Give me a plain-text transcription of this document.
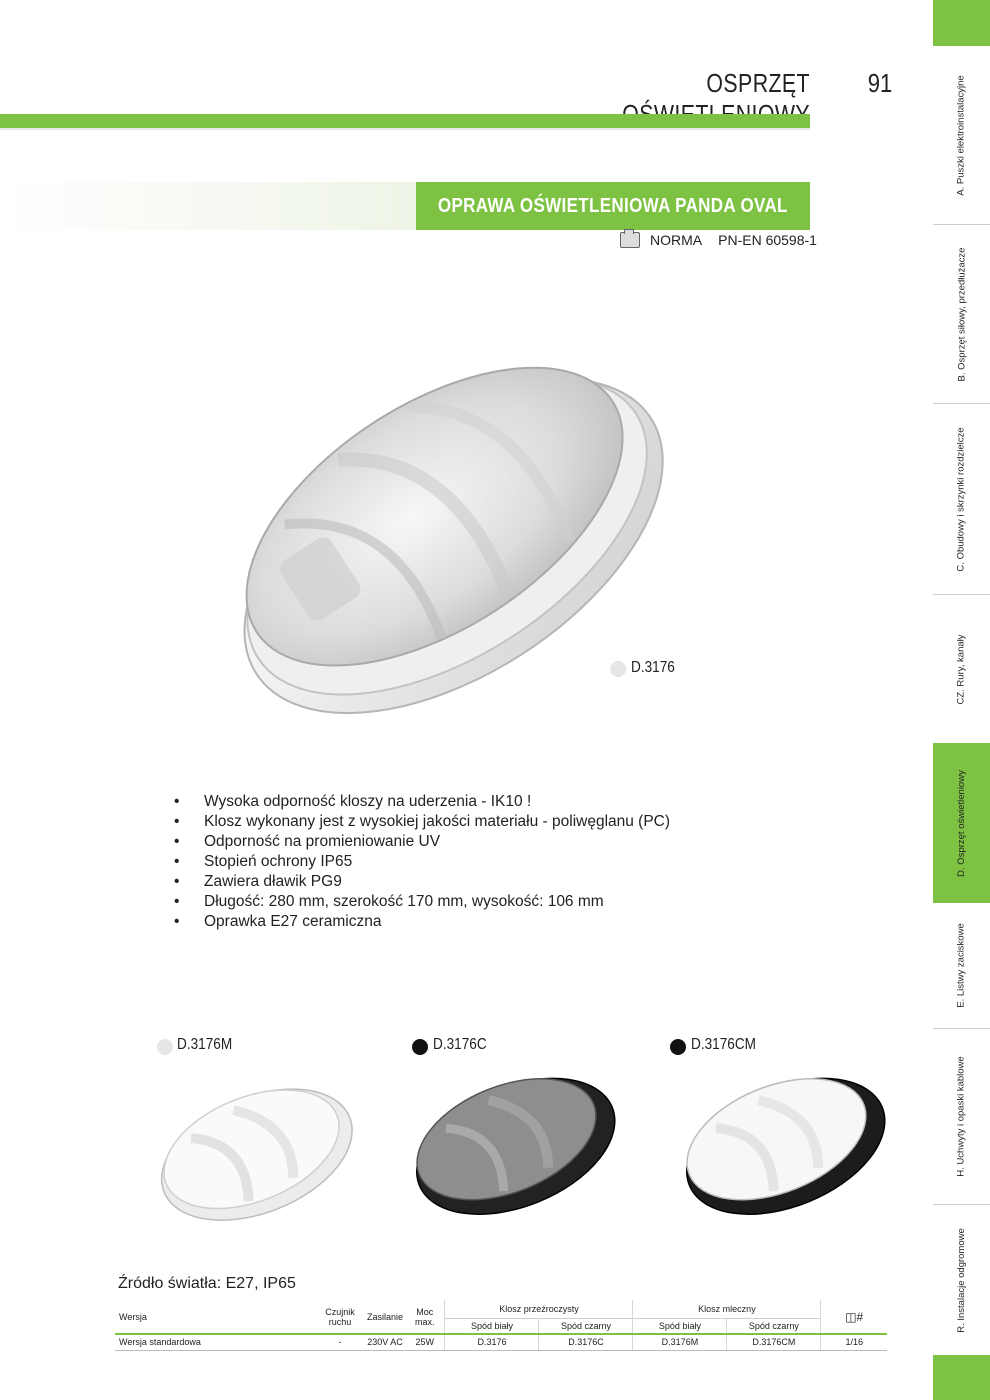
OSPRZĘT 91
OPRAWA OŚWIETLENIOWA PANDA OVAL
NORMA PN-EN 60598-1
D.3176
• Wysoka odporność kloszy na uderzenia - IK10 !
• Klosz wykonany jest z wysokiej jakości materiału - poliwęglanu (PC)
• Odporność na promieniowanie UV
• Stopień ochrony IP65
• Zawiera dławik PG9
• Długość: 280 mm, szerokość 170 mm, wysokość: 106 mm
• Oprawka E27 ceramiczna
D.3176M	D.3176C	D.3176CM
Źródło światła: E27, IP65
Wersja	Czujnik ruchu	Zasilanie	Moc max.	Klosz przeźroczysty		Klosz mleczny		◫#
				Spód biały	Spód czarny	Spód biały	Spód czarny	
Wersja standardowa	-	230V AC	25W	D.3176	D.3176C	D.3176M	D.3176CM	1/16
A. Puszki elektroinstalacyjne
B. Osprzęt siłowy, przedłużacze
C. Obudowy i skrzynki rozdzielcze
CZ. Rury, kanały
D. Osprzęt oświetleniowy
E. Listwy zaciskowe
H. Uchwyty i opaski kablowe
R. Instalacje odgromowe
